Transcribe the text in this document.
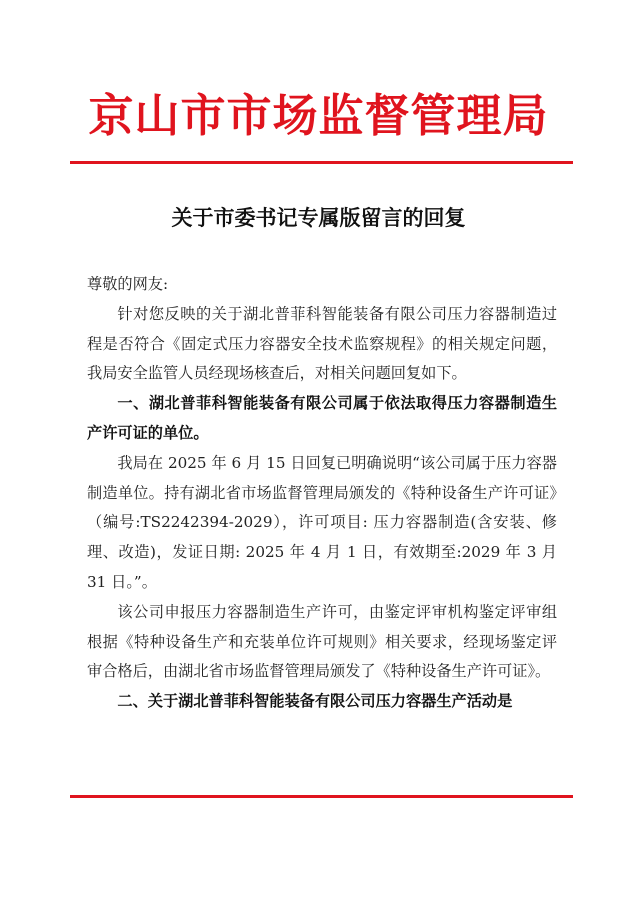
京山市市场监督管理局
关于市委书记专属版留言的回复

尊敬的网友:

针对您反映的关于湖北普菲科智能装备有限公司压力容器制造过程是否符合《固定式压力容器安全技术监察规程》的相关规定问题，我局安全监管人员经现场核查后，对相关问题回复如下。

一、湖北普菲科智能装备有限公司属于依法取得压力容器制造生产许可证的单位。

我局在 2025 年 6 月 15 日回复已明确说明“该公司属于压力容器制造单位。持有湖北省市场监督管理局颁发的《特种设备生产许可证》（编号:TS2242394-2029），许可项目: 压力容器制造(含安装、修理、改造)，发证日期: 2025 年 4 月 1 日，有效期至:2029 年 3 月 31 日。”。

该公司申报压力容器制造生产许可，由鉴定评审机构鉴定评审组根据《特种设备生产和充装单位许可规则》相关要求，经现场鉴定评审合格后，由湖北省市场监督管理局颁发了《特种设备生产许可证》。

二、关于湖北普菲科智能装备有限公司压力容器生产活动是
